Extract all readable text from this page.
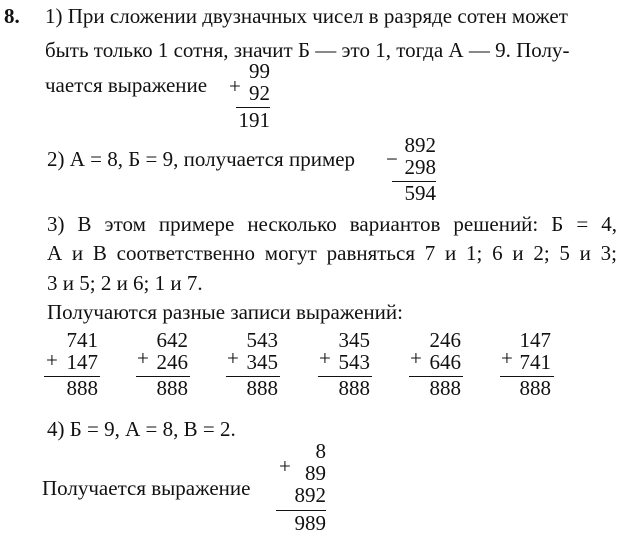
8. 1) При сложении двузначных чисел в разряде сотен может
быть только 1 сотня, значит Б — это 1, тогда А — 9. Полу-
чается выражение +
99
92
191
2) А = 8, Б = 9, получается пример −
892
298
594
3) В этом примере несколько вариантов решений: Б = 4,
А и В соответственно могут равняться 7 и 1; 6 и 2; 5 и 3;
3 и 5; 2 и 6; 1 и 7.
Получаются разные записи выражений:
+
741
147
888
+
642
246
888
+
543
345
888
+
345
543
888
+
246
646
888
+
147
741
888
4) Б = 9, А = 8, В = 2.
Получается выражение
+
8
89
892
989
